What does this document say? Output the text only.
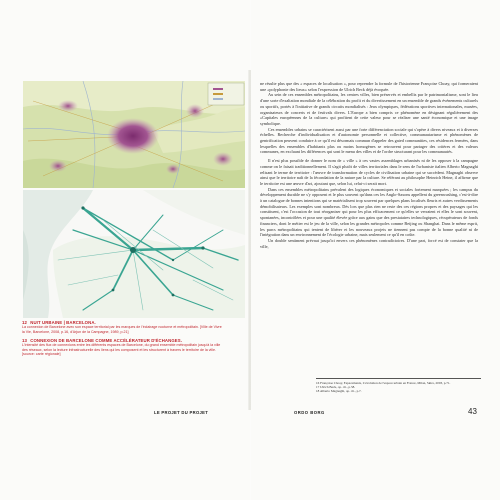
12 NUIT URBAINE | BARCELONA.
La connexion de Barcelone avec son espace territorial par les marques de l'éclairage nocturne et métropolitain. [Ville de Vivre la Vie, Barcelone, 2008, p.16, d'Arjun de la Campagne, 1989, p.21]
13 CONNEXION DE BARCELONE COMME ACCÉLÉRATEUR D'ÉCHANGES.
L'intensité des flux de connexions entre les différents espaces de Barcelone, du grand ensemble métropolitain jusqu'à la ville des réseaux, selon la lecture infrastructurelle des liens qui les composent et les structurent à travers le territoire de la ville. [source: carte régionale]
LE PROJET DU PROJET

ne résulte plus que des « espaces de localisation », pour reprendre la formule de l'historienne Françoise Choay, qui formeraient une «polyphonie des lieux» selon l'expression de Ulrich Beck déjà évoquée.

Au sein de ces ensembles métropolitains, les centres villes, bien préservés et embellis par le patrimonialisme, sont le lieu d'une sorte d'exaltation mondiale de la célébration du profit et du divertissement en un ensemble de grands événements culturels ou sportifs, portés à l'initiative de grands circuits mondialisés : Jeux olympiques, fédérations sportives internationales, musées, organisateurs de concerts et de festivals divers. L'Europe a bien compris ce phénomène en désignant régulièrement des «Capitales européennes de la culture» qui profitent de cette valeur pour se réaliser une santé économique et une image symbolique.

Ces ensembles urbains se caractérisent aussi par une forte différenciation sociale qui s'opère à divers niveaux et à diverses échelles. Recherche d'individualisation et d'autonomie personnelle et collective, communautarisme et phénomènes de gentrification peuvent conduire à ce qu'il est désormais commun d'appeler des gated communities, ces résidences fermées, dans lesquelles des ensembles d'habitants plus ou moins homogènes se retrouvent pour partager des critères et des valeurs communes, en excluant les différences qui sont le menu des villes et de l'ordre structurant pour les communautés.

Il n'est plus possible de donner le nom de « ville » à ces vastes assemblages urbanisés ni de les opposer à la campagne comme on le faisait traditionnellement. Il s'agit plutôt de villes territoriales dans le sens de l'urbaniste italien Alberto Magnaghi relisant le terme de territoire : l'œuvre de transformation de cycles de civilisation urbaine qui se succèdent. Magnaghi observe ainsi que le territoire naît de la fécondation de la nature par la culture. Se référant au philosophe Heinrich Heine, il affirme que le territoire est une œuvre d'art, ajoutant que, selon lui, celui-ci serait mort.

Dans ces ensembles métropolitains prévalent des logiques économiques et sociales fortement marquées ; les campus du développement durable ne s'y opposent et le plus souvent qu'dans ces les Anglo-Saxons appellent du greenwashing, c'est-à-dire à un catalogue de bonnes intentions qui se matérialisent trop souvent par quelques plans localisés fleuris et autres verdissements démobilisateurs. Les exemples sont nombreux. Dès lors que plus rien ne reste des ces régions propres et des paysages qui les constituent, c'est l'occasion de tout réorganiser qui pour les plus efficacement ce qu'elles se verraient et elles le sont souvent, spontanées, incontrôlées et pour une qualité élevée grâce aux gains que des prestataires technologiques, récupérateurs de fonds financiers, dont le métier est le jeu de la ville, selon les grandes métropoles comme Beijing ou Shanghai. Dans le même esprit, les parcs métropolitains qui tentent de libérer et les nouveaux projets ne tiennent pas compte de la bonne qualité ni de l'intégration dans un environnement de l'écologie urbaine, mais seulement ce qu'il en coûte.

Un double sentiment prévaut jusqu'ici envers ces phénomènes contradictoires. D'une part, forcé est de constater que la ville,

16 Françoise Choay, Espacements, L'évolution de l'espace urbain en France, Milan, Skira, 2003, p.71.
17 Ulrich Beck, op. cit., p.58.
18 Alberto Magnaghi, op. cit., p.7.
ORDO BORG	43
